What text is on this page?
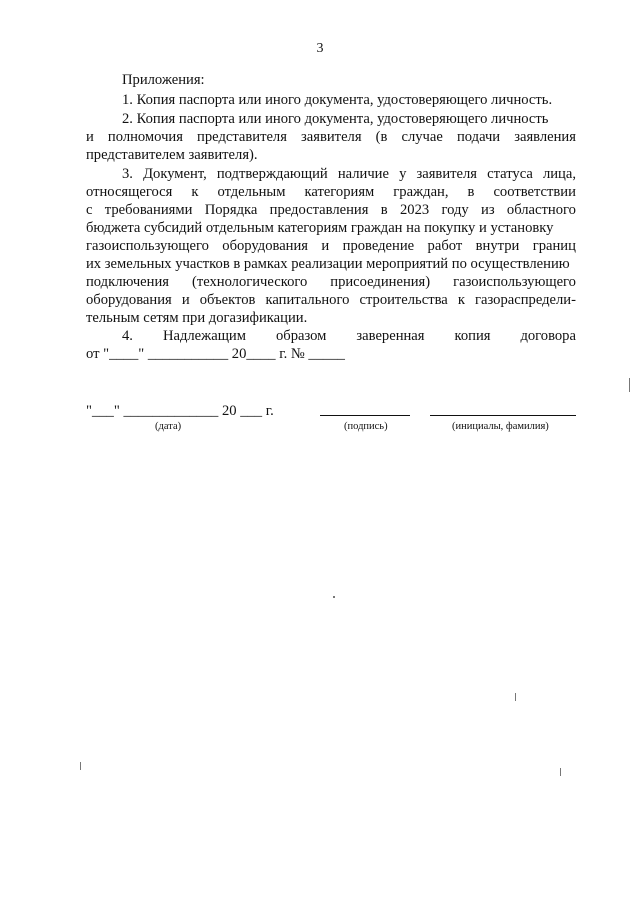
3
Приложения:
1. Копия паспорта или иного документа, удостоверяющего личность.
2. Копия паспорта или иного документа, удостоверяющего личность
и полномочия представителя заявителя (в случае подачи заявления
представителем заявителя).
3. Документ, подтверждающий наличие у заявителя статуса лица,
относящегося к отдельным категориям граждан, в соответствии
с требованиями Порядка предоставления в 2023 году из областного
бюджета субсидий отдельным категориям граждан на покупку и установку
газоиспользующего оборудования и проведение работ внутри границ
их земельных участков в рамках реализации мероприятий по осуществлению
подключения (технологического присоединения) газоиспользующего
оборудования и объектов капитального строительства к газораспредели-
тельным сетям при догазификации.
4. Надлежащим образом заверенная копия договора
от "____" ___________ 20____ г. № _____
"___" _____________ 20 ___ г.
(дата)	(подпись)	(инициалы, фамилия)
